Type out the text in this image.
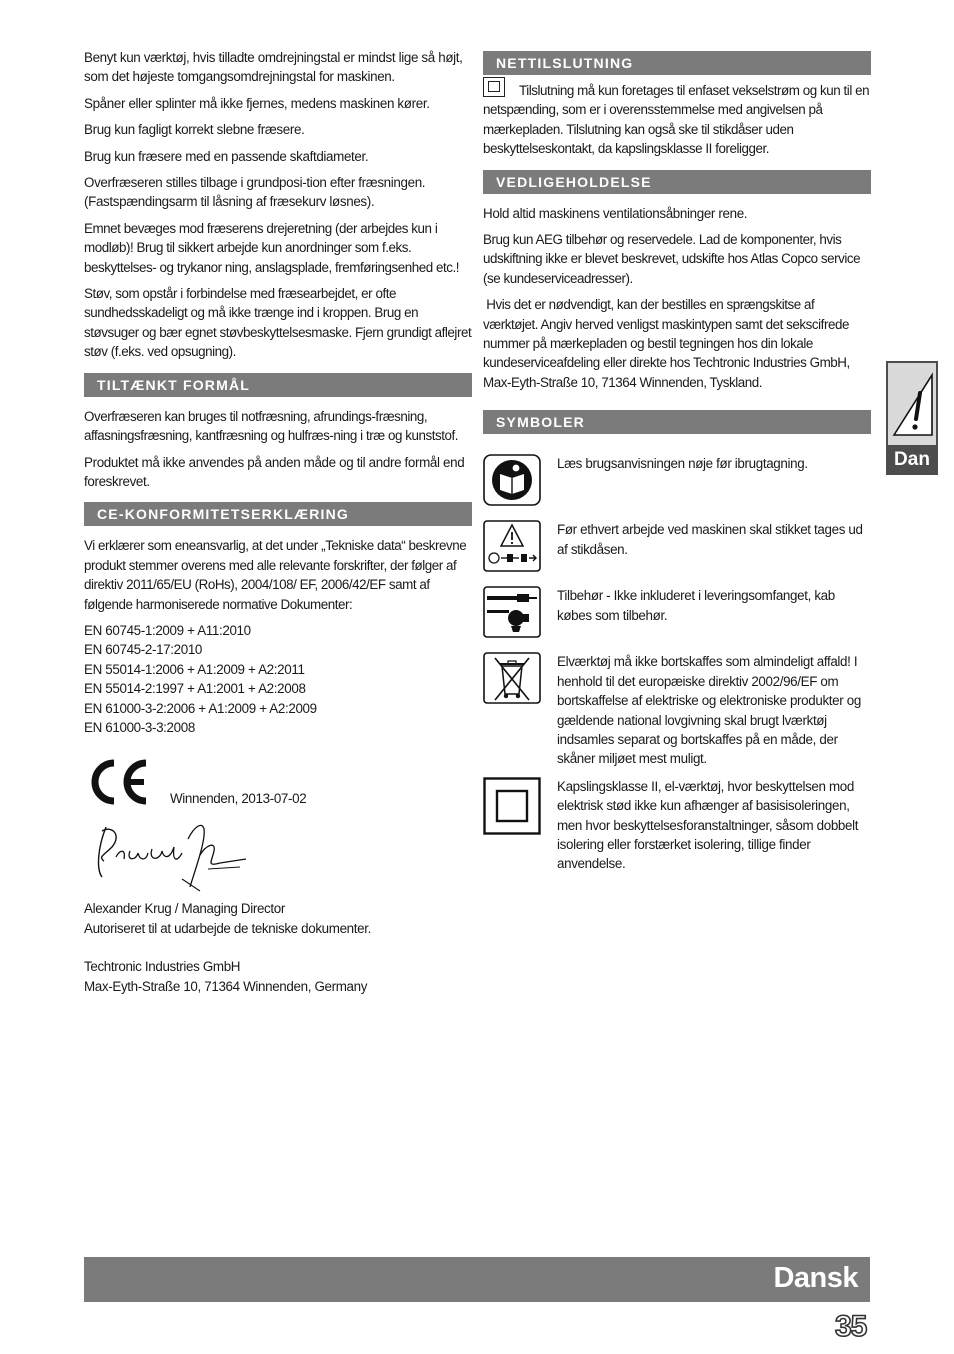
Benyt kun værktøj, hvis tilladte omdrejningstal er mindst lige så højt, som det højeste tomgangsomdrejningstal for maskinen.

Spåner eller splinter må ikke fjernes, medens maskinen kører.

Brug kun fagligt korrekt slebne fræsere.

Brug kun fræsere med en passende skaftdiameter.

Overfræseren stilles tilbage i grundposi-tion efter fræsningen. (Fastspændingsarm til låsning af fræsekurv løsnes).

Emnet bevæges mod fræserens drejeretning (der arbejdes kun i modløb)! Brug til sikkert arbejde kun anordninger som f.eks. beskyttelses- og trykanor ning, anslagsplade, fremføringsenhed etc.!

Støv, som opstår i forbindelse med fræsearbejdet, er ofte sundhedsskadeligt og må ikke trænge ind i kroppen. Brug en støvsuger og bær egnet støvbeskyttelsesmaske. Fjern grundigt aflejret støv (f.eks. ved opsugning).

TILTÆNKT FORMÅL

Overfræseren kan bruges til notfræsning, afrundings-fræsning, affasningsfræsning, kantfræsning og hulfræs-ning i træ og kunststof.

Produktet må ikke anvendes på anden måde og til andre formål end foreskrevet.

CE-KONFORMITETSERKLÆRING

Vi erklærer som eneansvarlig, at det under „Tekniske data“ beskrevne produkt stemmer overens med alle relevante forskrifter, der følger af direktiv 2011/65/EU (RoHs), 2004/108/ EF, 2006/42/EF samt af følgende harmoniserede normative Dokumenter:

EN 60745-1:2009 + A11:2010

EN 60745-2-17:2010

EN 55014-1:2006 + A1:2009 + A2:2011

EN 55014-2:1997 + A1:2001 + A2:2008

EN 61000-3-2:2006 + A1:2009 + A2:2009

EN 61000-3-3:2008

Winnenden, 2013-07-02

Alexander Krug / Managing Director

Autoriseret til at udarbejde de tekniske dokumenter.

Techtronic Industries GmbH

Max-Eyth-Straße 10, 71364 Winnenden, Germany

NETTILSLUTNING

Tilslutning må kun foretages til enfaset vekselstrøm og kun til en netspænding, som er i overensstemmelse med angivelsen på mærkepladen. Tilslutning kan også ske til stikdåser uden beskyttelseskontakt, da kapslingsklasse II foreligger.

VEDLIGEHOLDELSE

Hold altid maskinens ventilationsåbninger rene.

Brug kun AEG tilbehør og reservedele. Lad de komponenter, hvis udskiftning ikke er blevet beskrevet, udskifte hos Atlas Copco service (se kundeserviceadresser).

Hvis det er nødvendigt, kan der bestilles en sprængskitse af værktøjet. Angiv herved venligst maskintypen samt det sekscifrede nummer på mærkepladen og bestil tegningen hos din lokale kundeserviceafdeling eller direkte hos Techtronic Industries GmbH, Max-Eyth-Straße 10, 71364 Winnenden, Tyskland.

SYMBOLER
Læs brugsanvisningen nøje før ibrugtagning.
Før ethvert arbejde ved maskinen skal stikket tages ud af stikdåsen.
Tilbehør - Ikke inkluderet i leveringsomfanget, kab købes som tilbehør.
Elværktøj må ikke bortskaffes som almindeligt affald! I henhold til det europæiske direktiv 2002/96/EF om bortskaffelse af elektriske og elektroniske produkter og gældende national lovgivning skal brugt lværktøj indsamles separat og bortskaffes på en måde, der skåner miljøet mest muligt.
Kapslingsklasse II, el-værktøj, hvor beskyttelsen mod elektrisk stød ikke kun afhænger af basisisoleringen, men hvor beskyttelsesforanstaltninger, såsom dobbelt isolering eller forstærket isolering, tillige finder anvendelse.
Dan
Dansk
35
